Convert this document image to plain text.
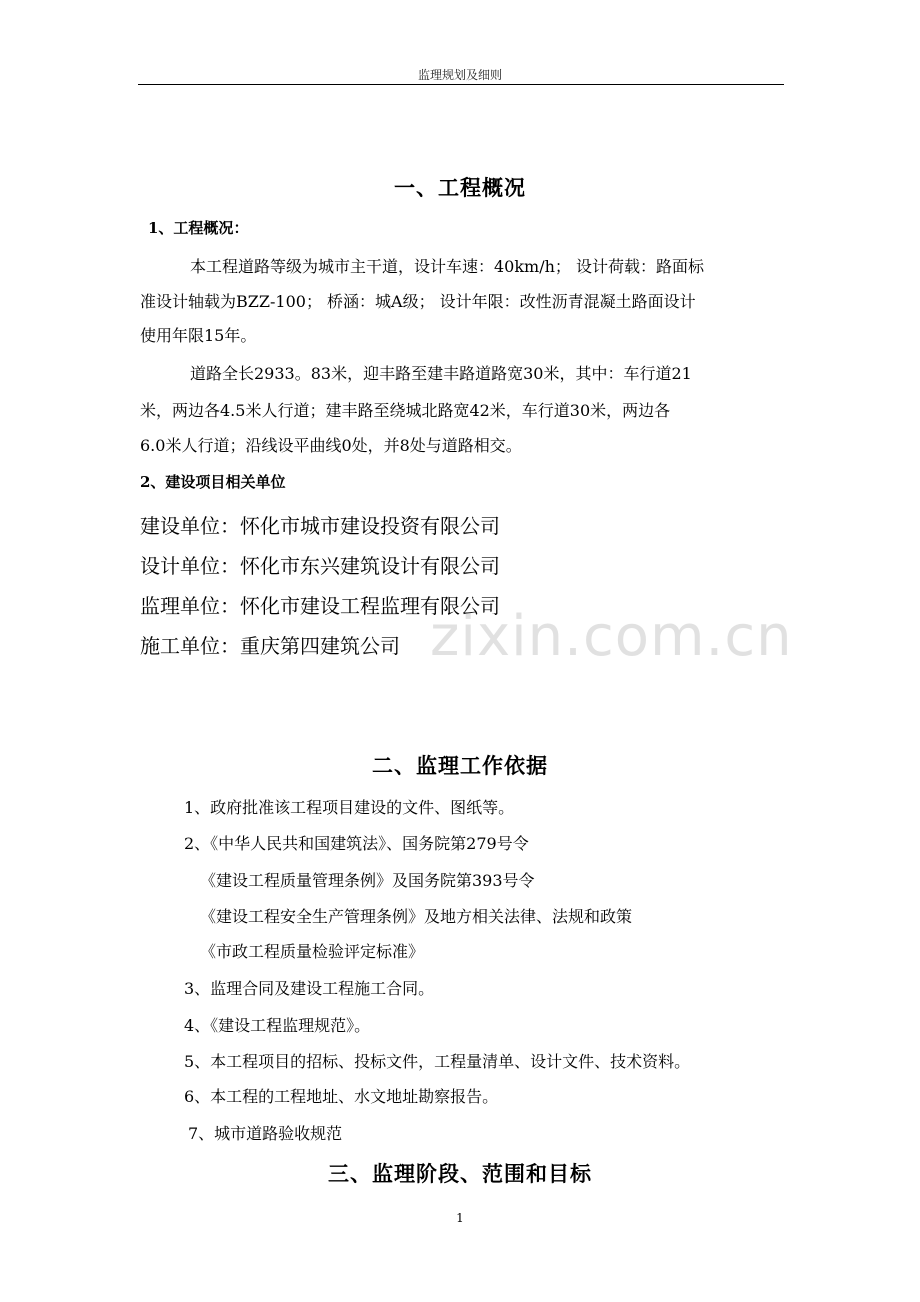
监理规划及细则
一、工程概况
1、工程概况：
本工程道路等级为城市主干道，设计车速：40km/h； 设计荷载：路面标
准设计轴载为BZZ-100； 桥涵：城A级； 设计年限：改性沥青混凝土路面设计
使用年限15年。
道路全长2933。83米，迎丰路至建丰路道路宽30米，其中：车行道21
米，两边各4.5米人行道；建丰路至绕城北路宽42米，车行道30米，两边各
6.0米人行道；沿线设平曲线0处，并8处与道路相交。
2、建设项目相关单位
建设单位：怀化市城市建设投资有限公司
设计单位：怀化市东兴建筑设计有限公司
监理单位：怀化市建设工程监理有限公司
施工单位：重庆第四建筑公司 zixin.com.cn
二、监理工作依据
1、政府批准该工程项目建设的文件、图纸等。
2、《中华人民共和国建筑法》、国务院第279号令
《建设工程质量管理条例》及国务院第393号令
《建设工程安全生产管理条例》及地方相关法律、法规和政策
《市政工程质量检验评定标准》
3、监理合同及建设工程施工合同。
4、《建设工程监理规范》。
5、本工程项目的招标、投标文件，工程量清单、设计文件、技术资料。
6、本工程的工程地址、水文地址勘察报告。
7、城市道路验收规范
三、监理阶段、范围和目标
1
